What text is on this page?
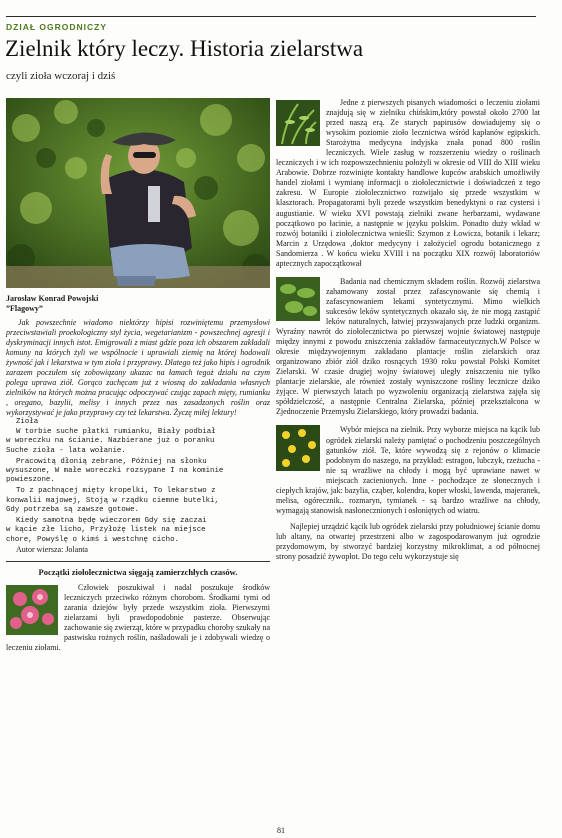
DZIAŁ OGRODNICZY
Zielnik który leczy. Historia zielarstwa
czyli zioła wczoraj i dziś
Jarosław Konrad Powojski
”Flagowy”

Jak powszechnie wiadomo niektórzy hipisi rozwiniętemu przemysłowi przeciwstawiali proekologiczny styl życia, wegetarianizm - powszechnej agresji i dyskryminacji innych istot. Emigrowali z miast gdzie poza ich obszarem zakładali komuny na których żyli we wspólnocie i uprawiali ziemię na której hodowali żywność jak i lekarstwa w tym zioła i przyprawy. Dlatego też jako hipis i ogrodnik zarazem poczułem się zobowiązany ukazac na łamach tegoż działu na czym polega uprawa ziół. Gorąco zachęcam już z wiosną do zakładania własnych zielników na których można pracując odpoczywać czując zapach mięty, rumianku , oregano, bazylii, melisy i innych przez nas zasadzonych roślin oraz wykorzystywać je jako przyprawy czy też lekarstwa. Życzę miłej lektury!

Zioła

W torbie suche płatki rumianku, Biały podbiał

w woreczku na ścianie. Nazbierane już o poranku

Suche zioła - lata wołanie.

Pracowitą dłonią zebrane, Później na słonku

wysuszone, W małe woreczki rozsypane I na kominie

powieszone.

To z pachnącej mięty kropelki, To lekarstwo z

konwalii majowej, Stoją w rządku ciemne butelki,

Gdy potrzeba są zawsze gotowe.

Kiedy samotna będę wieczorem Gdy się zaczai

w kącie złe licho, Przyłożę listek na miejsce

chore, Powyślę o kimś i westchnę cicho.

Autor wiersza: Jolanta

Początki ziołolecznictwa sięgają zamierzchłych czasów.
Człowiek poszukiwał i nadal poszukuje środków leczniczych przeciwko różnym chorobom. Środkami tymi od zarania dziejów były przede wszystkim zioła. Pierwszymi zielarzami byli prawdopodobnie pasterze. Obserwując zachowanie się zwierząt, które w przypadku choroby szukały na pastwisku rożnych roślin, naśladowali je i zdobywali wiedzę o leczeniu ziołami.

Jedne z pierwszych pisanych wiadomości o leczeniu ziołami znajdują się w zielniku chińskim,który powstał około 2700 lat przed naszą erą. Ze starych papirusów dowiadujemy się o wysokim poziomie zioło lecznictwa wśród kapłanów egipskich. Starożytna medycyna indyjska znała ponad 800 roślin leczniczych. Wiele zasług w rozszerzeniu wiedzy o roślinach leczniczych i w ich rozpowszechnieniu położyli w okresie od VIII do XIII wieku Arabowie. Dobrze rozwinięte kontakty handlowe kupców arabskich umożliwiły handel ziołami i wymianę informacji o ziołolecznictwie i doświadczeń z tego zakresu. W Europie ziołolecznictwo rozwijało się przede wszystkim w klasztorach. Propagatorami byli przede wszystkim benedyktyni o raz cystersi i augustianie. W wieku XVI powstają zielniki zwane herbarzami, wydawane początkowo po łacinie, a następnie w języku polskim. Ponadto duży wkład w rozwój botaniki i ziołolecznictwa wnieśli: Szymon z Łowicza, botanik i lekarz; Marcin z Urzędowa ,doktor medycyny i założyciel ogrodu botanicznego z Sandomierza . W końcu wieku XVIII i na początku XIX rozwój laboratoriów aptecznych zapoczątkował

Badania nad chemicznym składem roślin. Rozwój zielarstwa zahamowany został przez zafascynowanie się chemią i zafascynowaniem lekami syntetycznymi. Mimo wielkich sukcesów leków syntetycznych okazało się, że nie mogą zastąpić leków naturalnych, łatwiej przyswajanych prze ludzki organizm. Wyraźny nawrót do ziołolecznictwa po pierwszej wojnie światowej następuje między innymi z powodu zniszczenia zakładów farmaceutycznych.W Polsce w okresie międzywojennym zakładano plantacje roślin zielarskich oraz organizowano zbiór ziół dziko rosnących 1930 roku powstał Polski Komitet Zielarski. W czasie drugiej wojny światowej uległy zniszczeniu nie tylko plantacje zielarskie, ale również zostały wyniszczone rośliny lecznicze dziko żyjące. W pierwszych latach po wyzwoleniu organizacją zielarstwa zajęła się spółdzielczość, a następnie Centralna Zielarska, później przekształcona w Zjednoczenie Przemysłu Zielarskiego, który prowadzi badania.

Wybór miejsca na zielnik. Przy wyborze miejsca na kącik lub ogródek zielarski należy pamiętać o pochodzeniu poszczególnych gatunków ziół. Te, które wywodzą się z rejonów o klimacie podobnym do naszego, na przykład: estragon, lubczyk, rzeżucha - nie są wrażliwe na chłody i mogą być uprawiane nawet w miejscach zacienionych. Inne - pochodzące ze słonecznych i ciepłych krajów, jak: bazylia, cząber, kolendra, koper włoski, lawenda, majeranek, melisa, ogórecznik.. rozmaryn, tymianek - są bardzo wrażliwe na chłody, wymagają stanowisk nasłonecznionych i osłoniętych od wiatru.

Najlepiej urządzić kącik lub ogródek zielarski przy południowej ścianie domu lub altany, na otwartej przestrzeni albo w zagospodarowanym już ogrodzie przydomowym, by stworzyć bardziej korzystny mikroklimat, a od północnej strony posadzić żywopłot. Do tego celu wykorzystuje się

81
